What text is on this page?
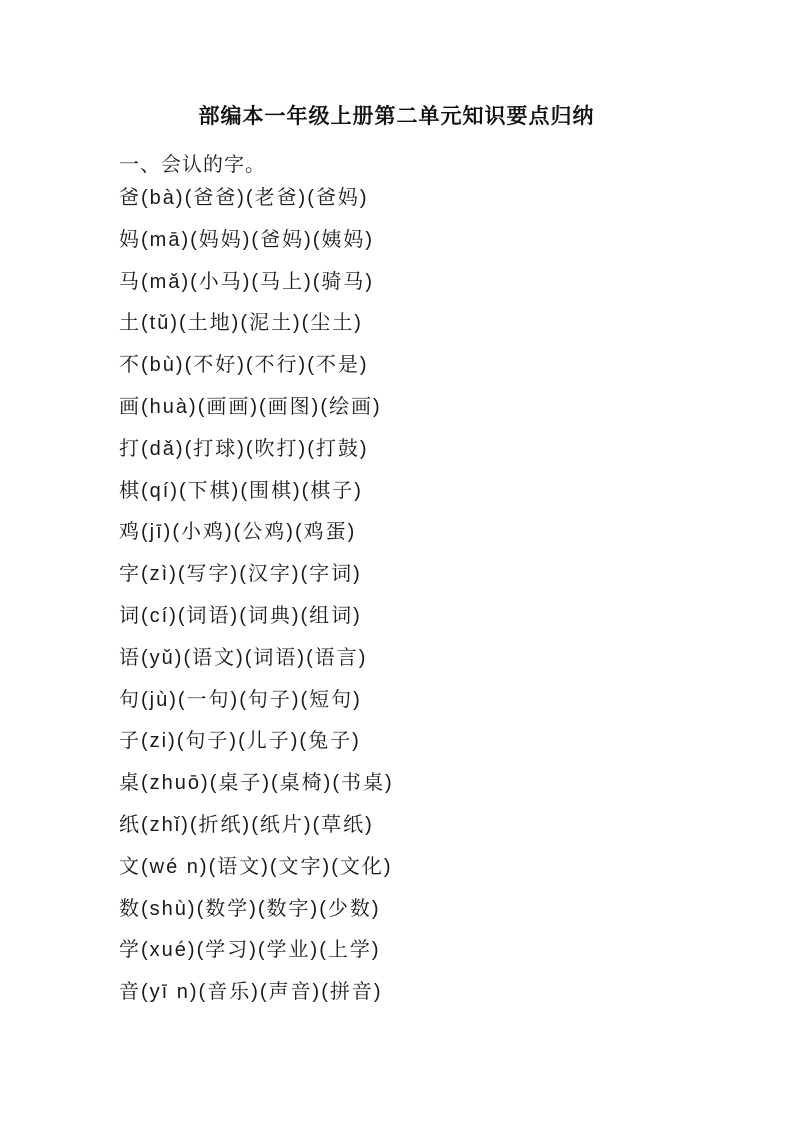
部编本一年级上册第二单元知识要点归纳
一、会认的字。
爸(bà)(爸爸)(老爸)(爸妈)
妈(mā)(妈妈)(爸妈)(姨妈)
马(mǎ)(小马)(马上)(骑马)
土(tǔ)(土地)(泥土)(尘土)
不(bù)(不好)(不行)(不是)
画(huà)(画画)(画图)(绘画)
打(dǎ)(打球)(吹打)(打鼓)
棋(qí)(下棋)(围棋)(棋子)
鸡(jī)(小鸡)(公鸡)(鸡蛋)
字(zì)(写字)(汉字)(字词)
词(cí)(词语)(词典)(组词)
语(yǔ)(语文)(词语)(语言)
句(jù)(一句)(句子)(短句)
子(zi)(句子)(儿子)(兔子)
桌(zhuō)(桌子)(桌椅)(书桌)
纸(zhǐ)(折纸)(纸片)(草纸)
文(wé n)(语文)(文字)(文化)
数(shù)(数学)(数字)(少数)
学(xué)(学习)(学业)(上学)
音(yī n)(音乐)(声音)(拼音)
